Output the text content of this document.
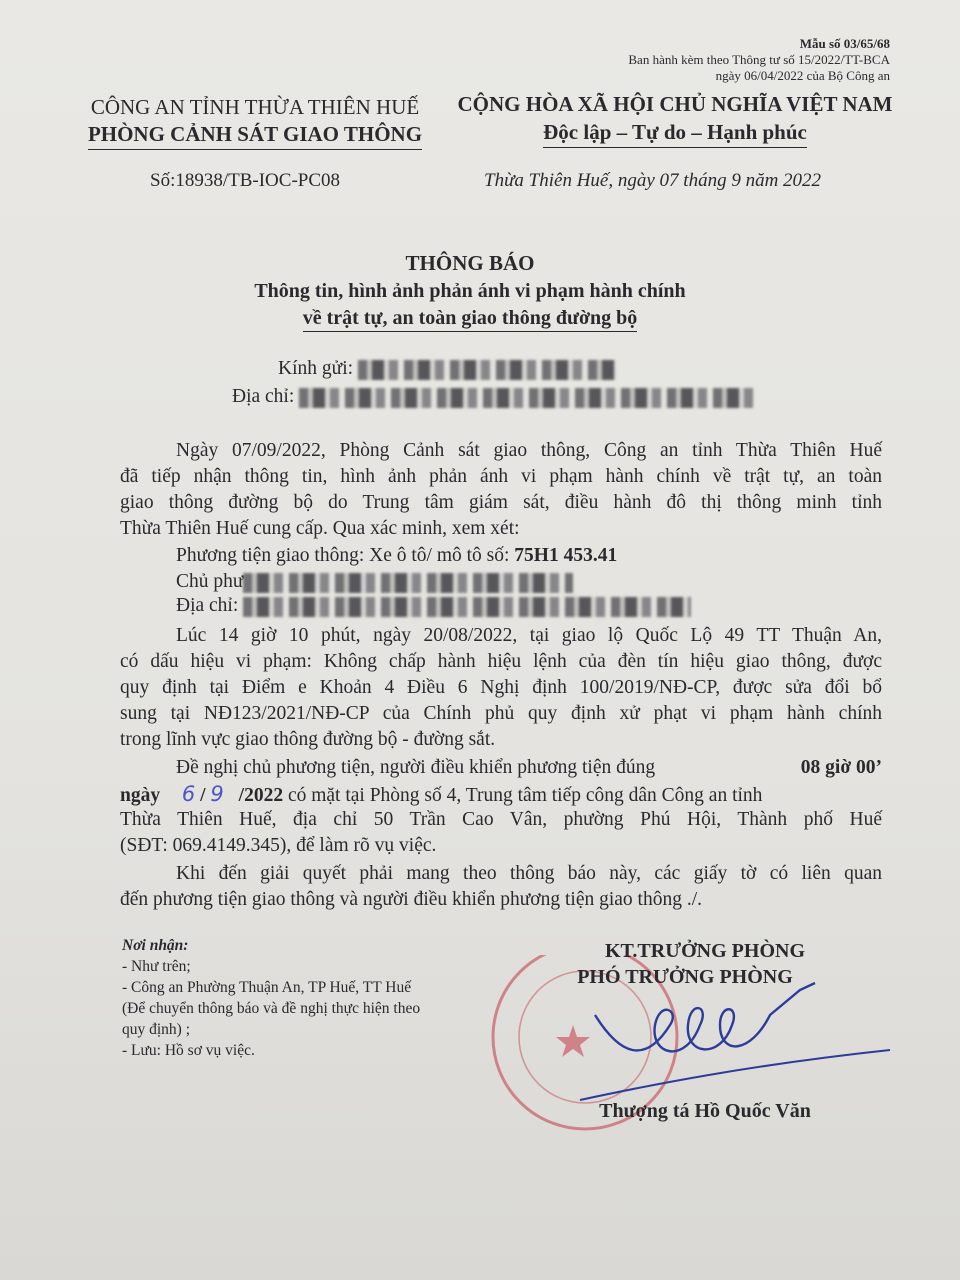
Mẫu số 03/65/68
Ban hành kèm theo Thông tư số 15/2022/TT-BCA
ngày 06/04/2022 của Bộ Công an
CÔNG AN TỈNH THỪA THIÊN HUẾ
PHÒNG CẢNH SÁT GIAO THÔNG
CỘNG HÒA XÃ HỘI CHỦ NGHĨA VIỆT NAM
Độc lập – Tự do – Hạnh phúc
Số:18938/TB-IOC-PC08	Thừa Thiên Huế, ngày 07 tháng 9 năm 2022
THÔNG BÁO
Thông tin, hình ảnh phản ánh vi phạm hành chính
về trật tự, an toàn giao thông đường bộ
Kính gửi:
Địa chỉ:
Ngày 07/09/2022, Phòng Cảnh sát giao thông, Công an tỉnh Thừa Thiên Huế
đã tiếp nhận thông tin, hình ảnh phản ánh vi phạm hành chính về trật tự, an toàn
giao thông đường bộ do Trung tâm giám sát, điều hành đô thị thông minh tỉnh
Thừa Thiên Huế cung cấp. Qua xác minh, xem xét:
Phương tiện giao thông: Xe ô tô/ mô tô số: 75H1 453.41
Chủ phư
Địa chỉ:
Lúc 14 giờ 10 phút, ngày 20/08/2022, tại giao lộ Quốc Lộ 49 TT Thuận An,
có dấu hiệu vi phạm: Không chấp hành hiệu lệnh của đèn tín hiệu giao thông, được
quy định tại Điểm e Khoản 4 Điều 6 Nghị định 100/2019/NĐ-CP, được sửa đổi bổ
sung tại NĐ123/2021/NĐ-CP của Chính phủ quy định xử phạt vi phạm hành chính
trong lĩnh vực giao thông đường bộ - đường sắt.
Đề nghị chủ phương tiện, người điều khiển phương tiện đúng	08 giờ 00’
ngày 6 / 9 /2022 có mặt tại Phòng số 4, Trung tâm tiếp công dân Công an tỉnh
Thừa Thiên Huế, địa chỉ 50 Trần Cao Vân, phường Phú Hội, Thành phố Huế
(SĐT: 069.4149.345), để làm rõ vụ việc.
Khi đến giải quyết phải mang theo thông báo này, các giấy tờ có liên quan
đến phương tiện giao thông và người điều khiển phương tiện giao thông ./.
Nơi nhận:
- Như trên;
- Công an Phường Thuận An, TP Huế, TT Huế
(Để chuyển thông báo và đề nghị thực hiện theo
quy định) ;
- Lưu: Hồ sơ vụ việc.
KT.TRƯỞNG PHÒNG
PHÓ TRƯỞNG PHÒNG
Thượng tá Hồ Quốc Văn
